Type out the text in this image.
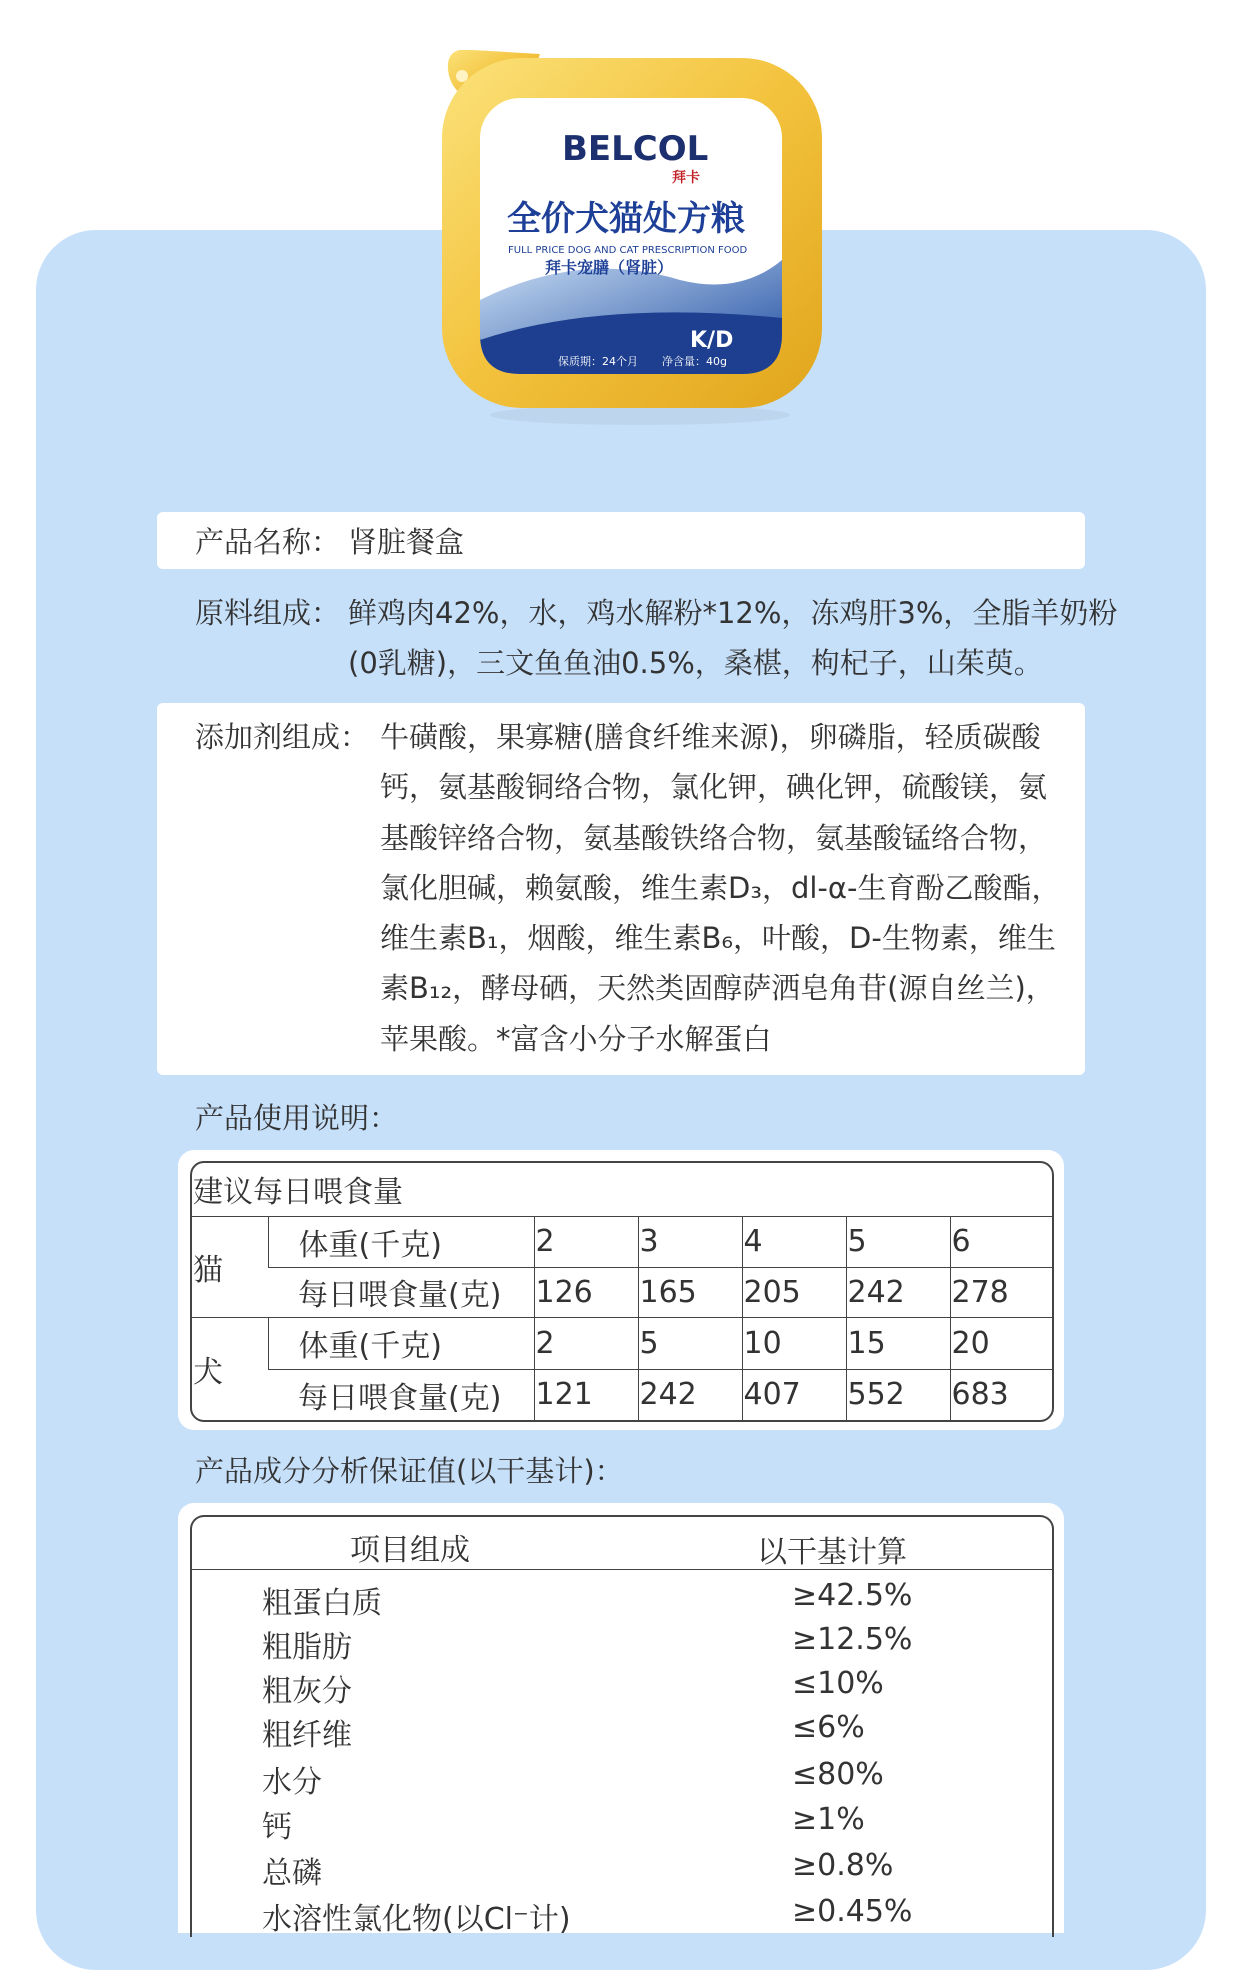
BELCOL
拜卡
全价犬猫处方粮
FULL PRICE DOG AND CAT PRESCRIPTION FOOD
拜卡宠膳（肾脏）
K/D
保质期：24个月 净含量：40g
产品名称： 肾脏餐盒
原料组成： 鲜鸡肉42%，水，鸡水解粉*12%，冻鸡肝3%，全脂羊奶粉
(0乳糖)，三文鱼鱼油0.5%，桑椹，枸杞子，山茱萸。
添加剂组成： 牛磺酸，果寡糖(膳食纤维来源)，卵磷脂，轻质碳酸
钙，氨基酸铜络合物，氯化钾，碘化钾，硫酸镁，氨
基酸锌络合物，氨基酸铁络合物，氨基酸锰络合物，
氯化胆碱，赖氨酸，维生素D₃，dl-α-生育酚乙酸酯，
维生素B₁，烟酸，维生素B₆，叶酸，D-生物素，维生
素B₁₂，酵母硒，天然类固醇萨洒皂角苷(源自丝兰)，
苹果酸。*富含小分子水解蛋白
产品使用说明：
建议每日喂食量						
猫	体重(千克)	2	3	4	5	6
	每日喂食量(克)	126	165	205	242	278
犬	体重(千克)	2	5	10	15	20
	每日喂食量(克)	121	242	407	552	683
产品成分分析保证值(以干基计)：
项目组成	以干基计算
粗蛋白质	≥42.5%
粗脂肪	≥12.5%
粗灰分	≤10%
粗纤维	≤6%
水分	≤80%
钙	≥1%
总磷	≥0.8%
水溶性氯化物(以Cl⁻计)	≥0.45%
